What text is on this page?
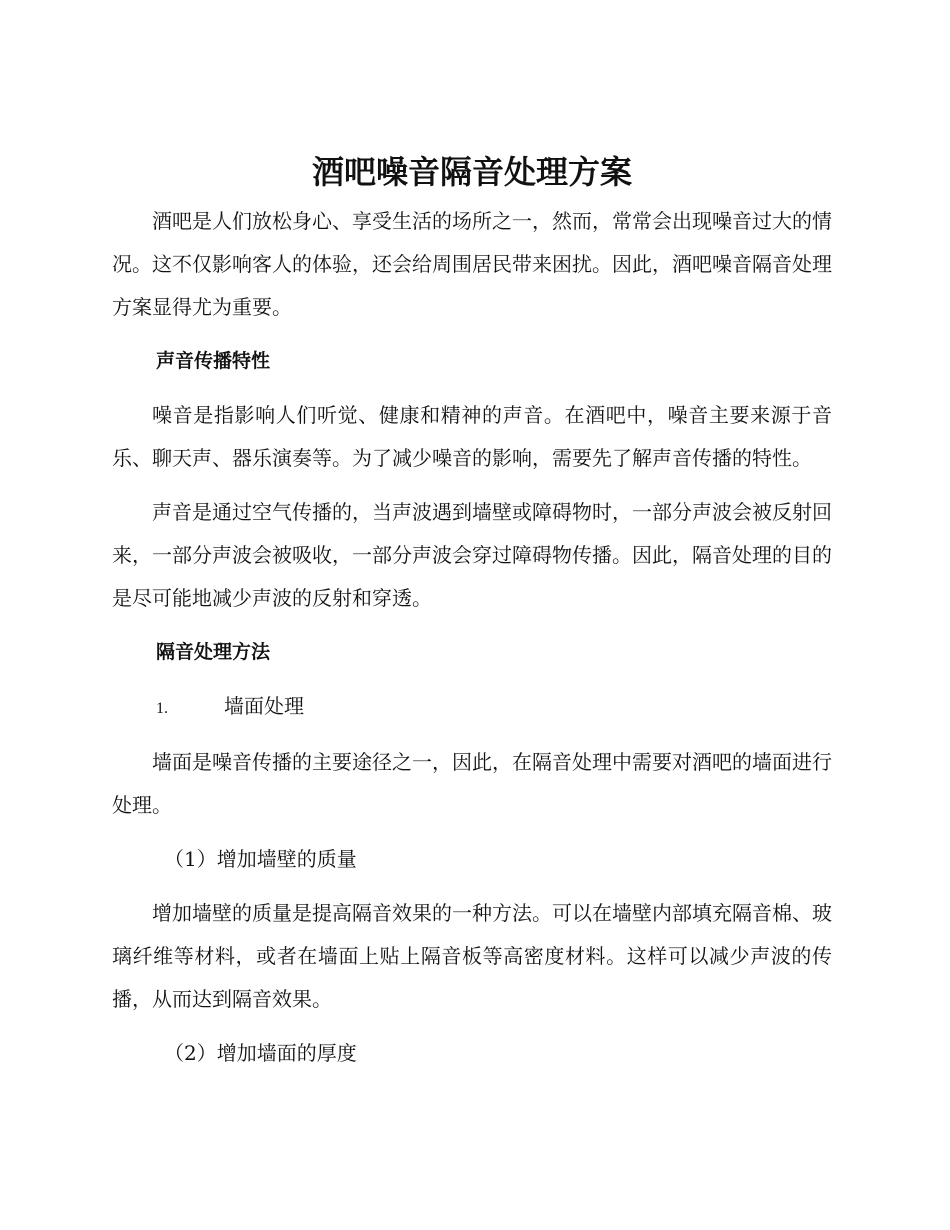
酒吧噪音隔音处理方案

酒吧是人们放松身心、享受生活的场所之一，然而，常常会出现噪音过大的情况。这不仅影响客人的体验，还会给周围居民带来困扰。因此，酒吧噪音隔音处理方案显得尤为重要。

声音传播特性

噪音是指影响人们听觉、健康和精神的声音。在酒吧中，噪音主要来源于音乐、聊天声、器乐演奏等。为了减少噪音的影响，需要先了解声音传播的特性。

声音是通过空气传播的，当声波遇到墙壁或障碍物时，一部分声波会被反射回来，一部分声波会被吸收，一部分声波会穿过障碍物传播。因此，隔音处理的目的是尽可能地减少声波的反射和穿透。

隔音处理方法
1.	墙面处理

墙面是噪音传播的主要途径之一，因此，在隔音处理中需要对酒吧的墙面进行处理。

（1）增加墙壁的质量

增加墙壁的质量是提高隔音效果的一种方法。可以在墙壁内部填充隔音棉、玻璃纤维等材料，或者在墙面上贴上隔音板等高密度材料。这样可以减少声波的传播，从而达到隔音效果。

（2）增加墙面的厚度
